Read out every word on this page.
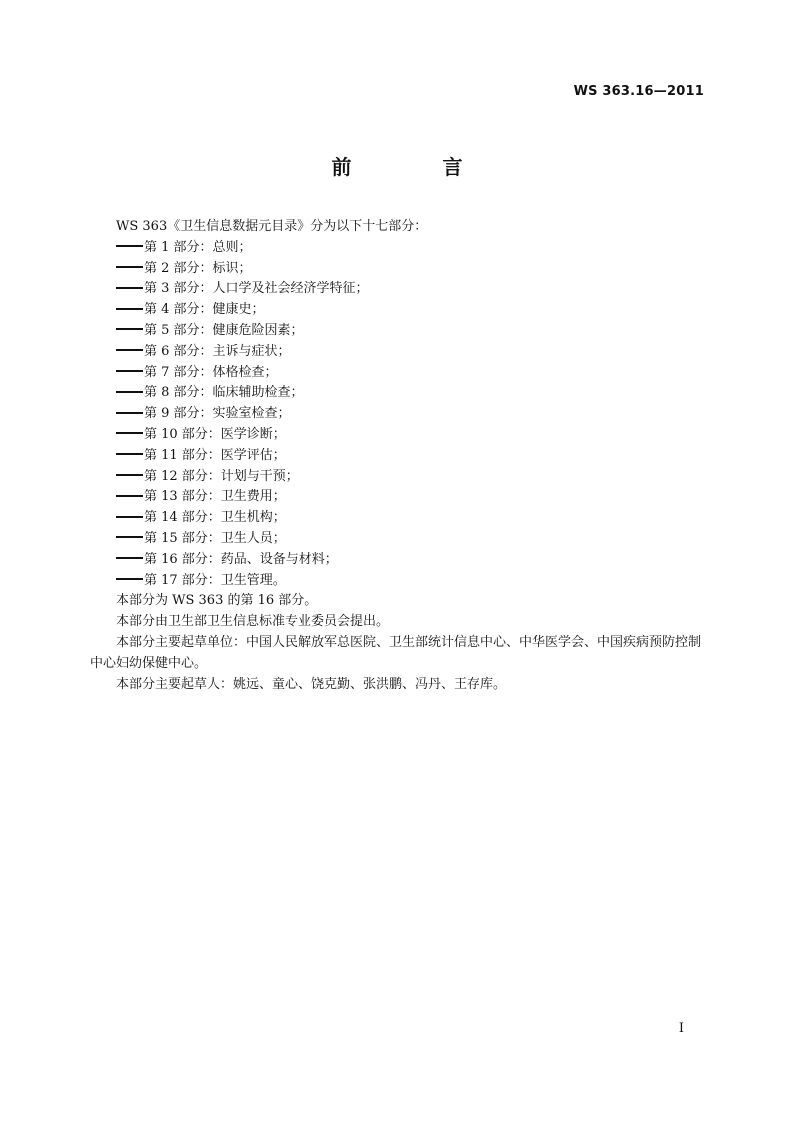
WS 363.16—2011
前 言

WS 363《卫生信息数据元目录》分为以下十七部分：

第 1 部分：总则；

第 2 部分：标识；

第 3 部分：人口学及社会经济学特征；

第 4 部分：健康史；

第 5 部分：健康危险因素；

第 6 部分：主诉与症状；

第 7 部分：体格检查；

第 8 部分：临床辅助检查；

第 9 部分：实验室检查；

第 10 部分：医学诊断；

第 11 部分：医学评估；

第 12 部分：计划与干预；

第 13 部分：卫生费用；

第 14 部分：卫生机构；

第 15 部分：卫生人员；

第 16 部分：药品、设备与材料；

第 17 部分：卫生管理。

本部分为 WS 363 的第 16 部分。

本部分由卫生部卫生信息标准专业委员会提出。

本部分主要起草单位：中国人民解放军总医院、卫生部统计信息中心、中华医学会、中国疾病预防控制中心妇幼保健中心。

本部分主要起草人：姚远、童心、饶克勤、张洪鹏、冯丹、王存库。

I
